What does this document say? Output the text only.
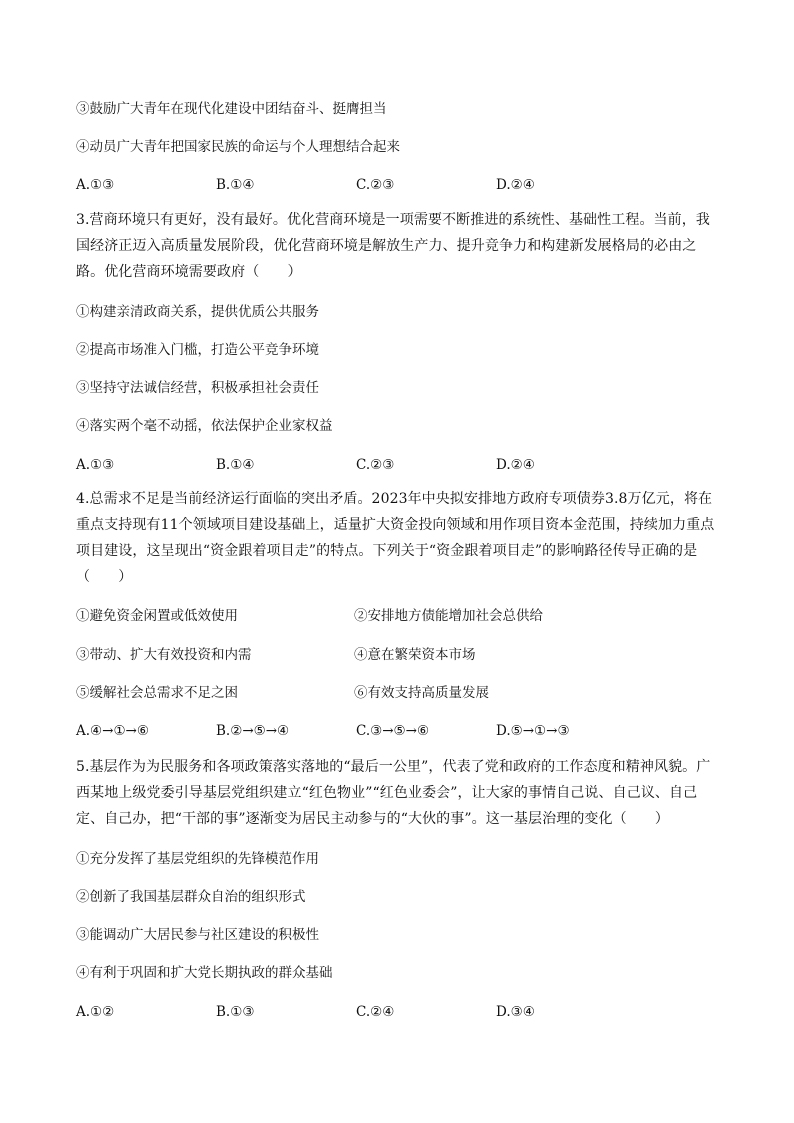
③鼓励广大青年在现代化建设中团结奋斗、挺膺担当
④动员广大青年把国家民族的命运与个人理想结合起来
A.①③	B.①④	C.②③	D.②④
3.营商环境只有更好，没有最好。优化营商环境是一项需要不断推进的系统性、基础性工程。当前，我国经济正迈入高质量发展阶段，优化营商环境是解放生产力、提升竞争力和构建新发展格局的必由之路。优化营商环境需要政府（　　）
①构建亲清政商关系，提供优质公共服务
②提高市场准入门槛，打造公平竞争环境
③坚持守法诚信经营，积极承担社会责任
④落实两个毫不动摇，依法保护企业家权益
A.①③	B.①④	C.②③	D.②④
4.总需求不足是当前经济运行面临的突出矛盾。2023年中央拟安排地方政府专项债券3.8万亿元，将在重点支持现有11个领域项目建设基础上，适量扩大资金投向领域和用作项目资本金范围，持续加力重点项目建设，这呈现出“资金跟着项目走”的特点。下列关于“资金跟着项目走”的影响路径传导正确的是（　　）
①避免资金闲置或低效使用	②安排地方债能增加社会总供给
③带动、扩大有效投资和内需	④意在繁荣资本市场
⑤缓解社会总需求不足之困	⑥有效支持高质量发展
A.④→①→⑥	B.②→⑤→④	C.③→⑤→⑥	D.⑤→①→③
5.基层作为为民服务和各项政策落实落地的“最后一公里”，代表了党和政府的工作态度和精神风貌。广西某地上级党委引导基层党组织建立“红色物业”“红色业委会”，让大家的事情自己说、自己议、自己定、自己办，把“干部的事”逐渐变为居民主动参与的“大伙的事”。这一基层治理的变化（　　）
①充分发挥了基层党组织的先锋模范作用
②创新了我国基层群众自治的组织形式
③能调动广大居民参与社区建设的积极性
④有利于巩固和扩大党长期执政的群众基础
A.①②	B.①③	C.②④	D.③④
